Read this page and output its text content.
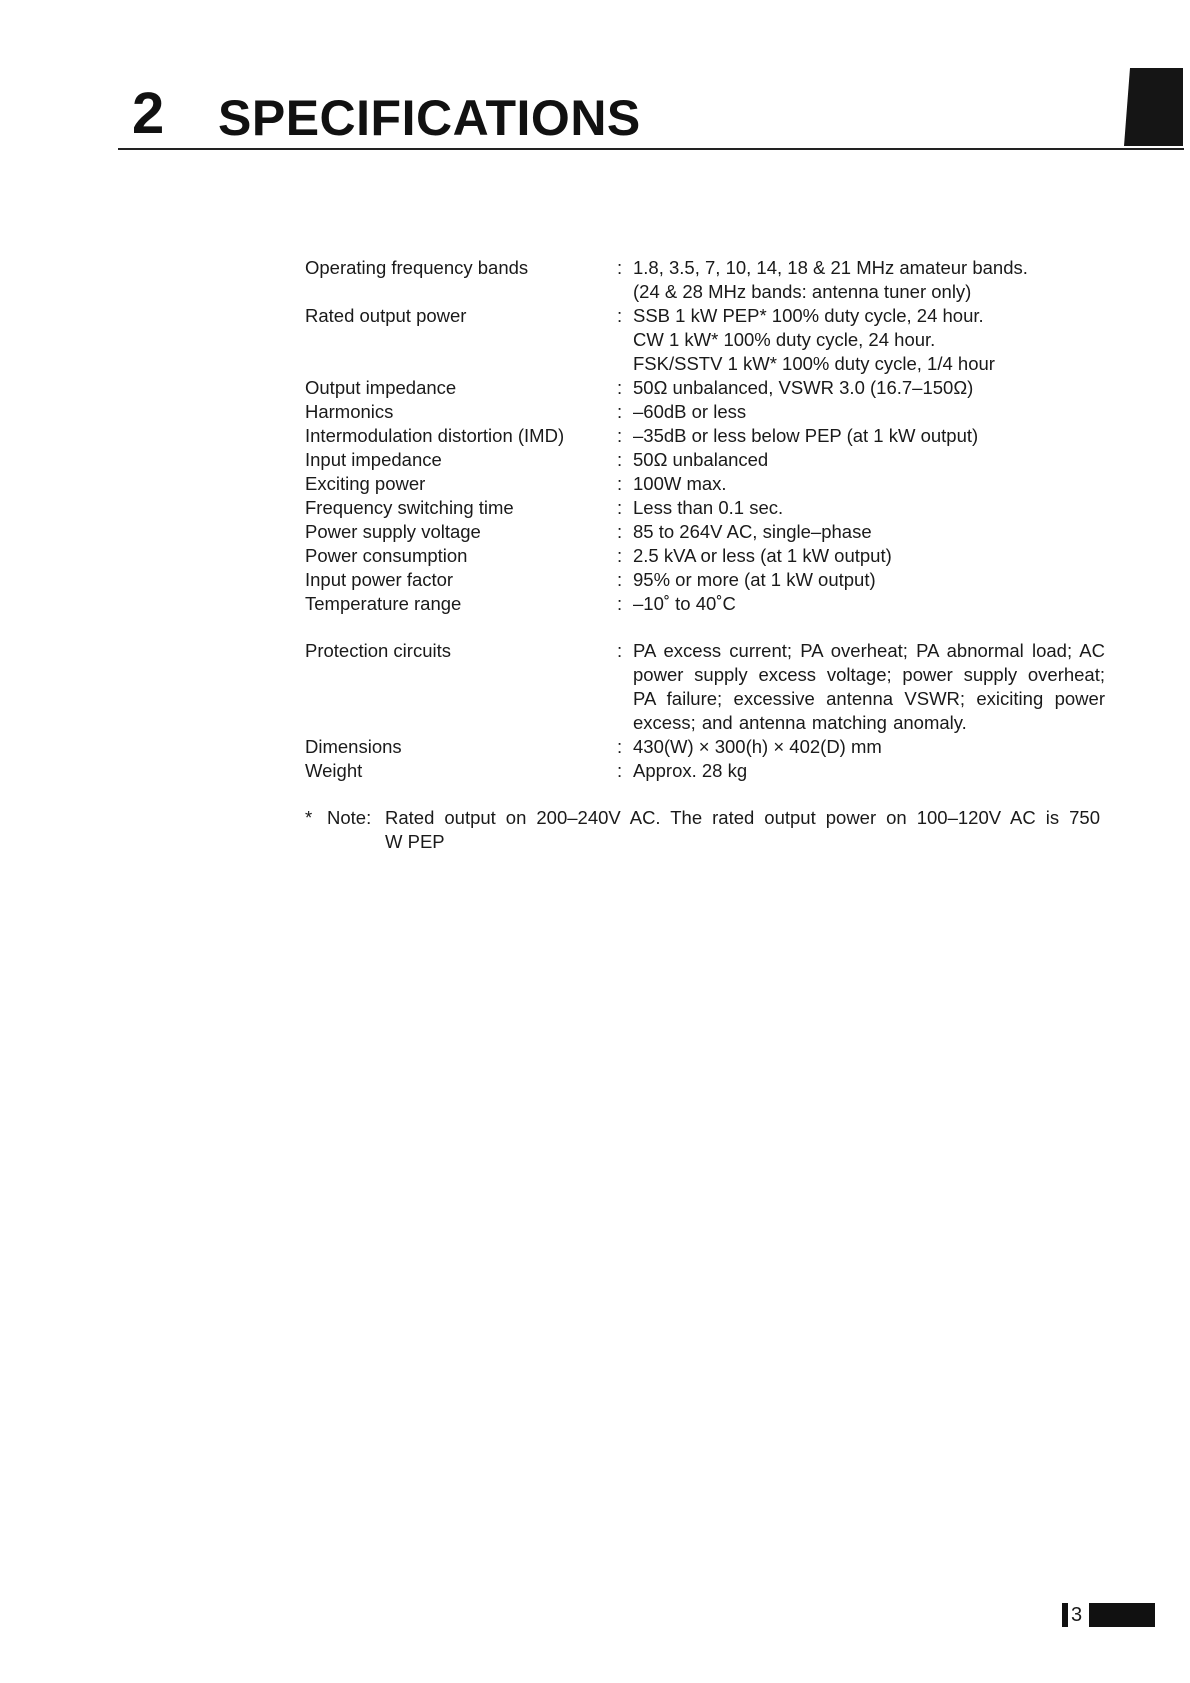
2 SPECIFICATIONS
Operating frequency bands	: 1.8, 3.5, 7, 10, 14, 18 & 21 MHz amateur bands.
(24 & 28 MHz bands: antenna tuner only)
Rated output power	: SSB 1 kW PEP* 100% duty cycle, 24 hour.
CW 1 kW* 100% duty cycle, 24 hour.
FSK/SSTV 1 kW* 100% duty cycle, 1/4 hour
Output impedance	: 50Ω unbalanced, VSWR 3.0 (16.7–150Ω)
Harmonics	: –60dB or less
Intermodulation distortion (IMD)	: –35dB or less below PEP (at 1 kW output)
Input impedance	: 50Ω unbalanced
Exciting power	: 100W max.
Frequency switching time	: Less than 0.1 sec.
Power supply voltage	: 85 to 264V AC, single–phase
Power consumption	: 2.5 kVA or less (at 1 kW output)
Input power factor	: 95% or more (at 1 kW output)
Temperature range	: –10˚ to 40˚C
Protection circuits	: PA excess current; PA overheat; PA abnormal load; AC power supply excess voltage; power supply overheat; PA failure; excessive antenna VSWR; exiciting power excess; and antenna matching anomaly.
Dimensions	: 430(W) × 300(h) × 402(D) mm
Weight	: Approx. 28 kg
* Note: Rated output on 200–240V AC. The rated output power on 100–120V AC is 750
W PEP
3
